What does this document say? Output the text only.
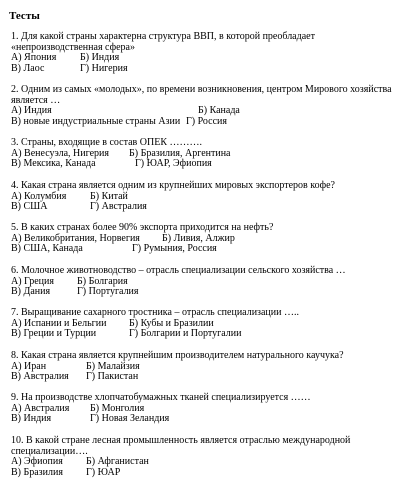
Тесты
1. Для какой страны характерна структура ВВП, в которой преобладает «непроизводственная сфера»
А) Япония Б) Индия
В) Лаос	Г) Нигерия
2. Одним из самых «молодых», по времени возникновения, центром Мирового хозяйства является …
А) Индия	Б) Канада
В) новые индустриальные страны Азии Г) Россия
3. Страны, входящие в состав ОПЕК ……….
А) Венесуэла, Нигерия Б) Бразилия, Аргентина
В) Мексика, Канада	Г) ЮАР, Эфиопия
4. Какая страна является одним из крупнейших мировых экспортеров кофе?
А) Колумбия Б) Китай
В) США	Г) Австралия
5. В каких странах более 90% экспорта приходится на нефть?
А) Великобритания, Норвегия Б) Ливия, Алжир
В) США, Канада	Г) Румыния, Россия
6. Молочное животноводство – отрасль специализации сельского хозяйства …
А) Греция Б) Болгария
В) Дания	Г) Португалия
7. Выращивание сахарного тростника – отрасль специализации …..
А) Испании и Бельгии Б) Кубы и Бразилии
В) Греции и Турции	Г) Болгарии и Португалии
8. Какая страна является крупнейшим производителем натурального каучука?
А) Иран	Б) Малайзия
В) Австралия Г) Пакистан
9. На производстве хлопчатобумажных тканей специализируется ……
А) Австралия Б) Монголия
В) Индия	Г) Новая Зеландия
10. В какой стране лесная промышленность является отраслью международной специализации….
А) Эфиопия Б) Афганистан
В) Бразилия Г) ЮАР
